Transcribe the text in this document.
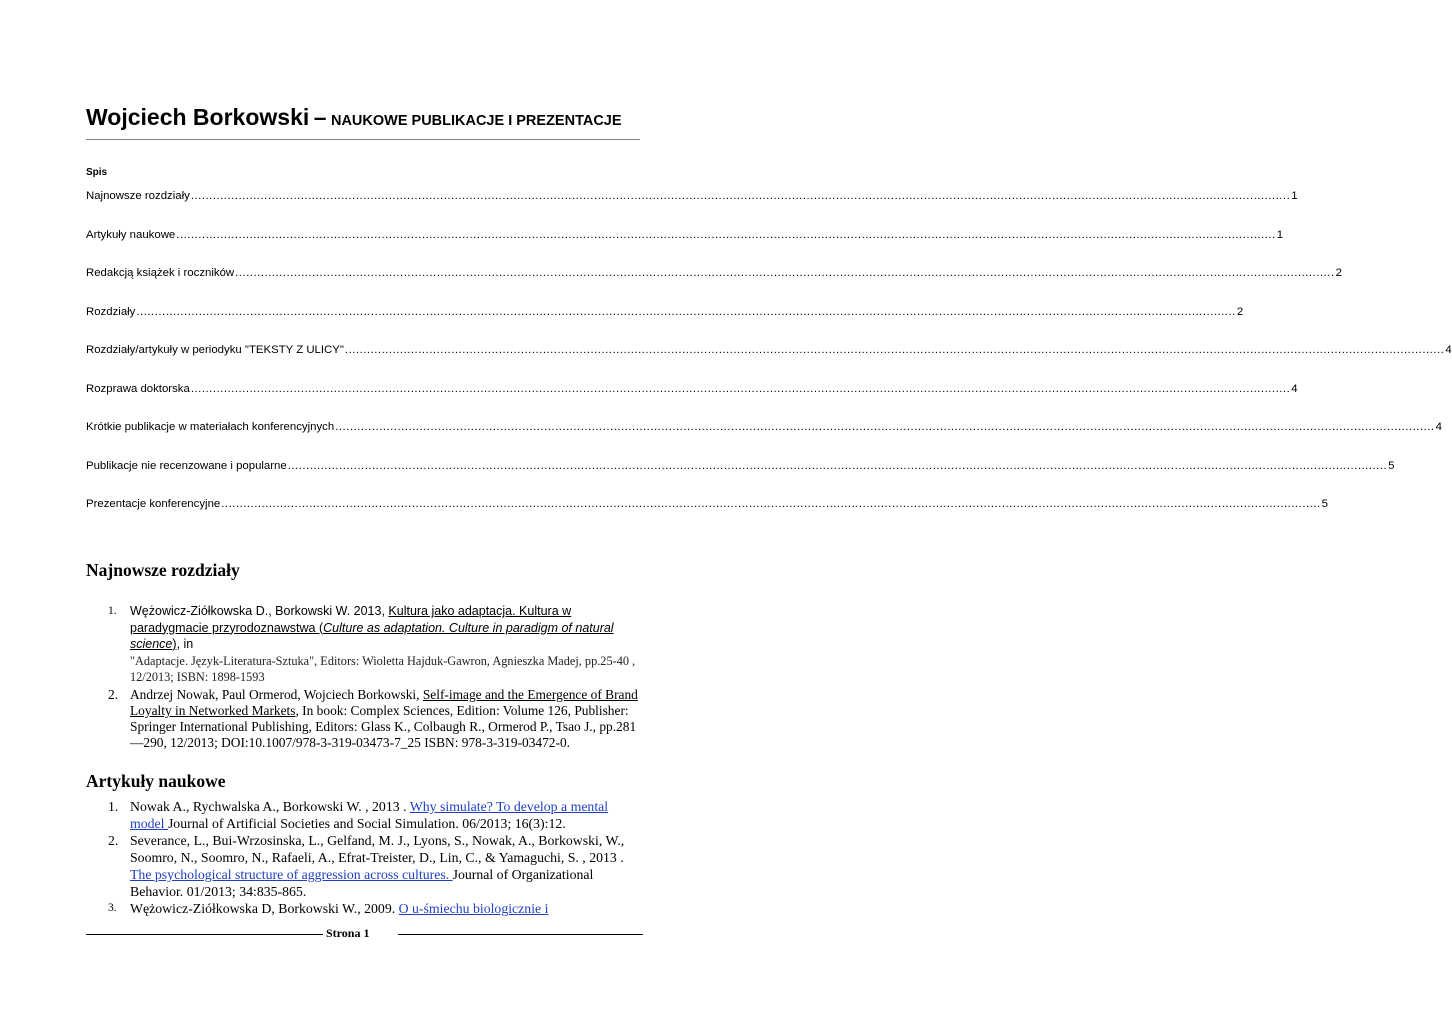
Wojciech Borkowski – NAUKOWE PUBLIKACJE I PREZENTACJE
Spis
Najnowsze rozdziały ............................................................................................................................................................................................................................................................................................................ 1
Artykuły naukowe ............................................................................................................................................................................................................................................................................................................ 1
Redakcją książek i roczników ............................................................................................................................................................................................................................................................................................................ 2
Rozdziały ............................................................................................................................................................................................................................................................................................................ 2
Rozdziały/artykuły w periodyku "TEKSTY Z ULICY" ............................................................................................................................................................................................................................................................................................................ 4
Rozprawa doktorska ............................................................................................................................................................................................................................................................................................................ 4
Krótkie publikacje w materiałach konferencyjnych ............................................................................................................................................................................................................................................................................................................ 4
Publikacje nie recenzowane i popularne ............................................................................................................................................................................................................................................................................................................ 5
Prezentacje konferencyjne ............................................................................................................................................................................................................................................................................................................ 5
Najnowsze rozdziały
1. Wężowicz-Ziółkowska D., Borkowski W. 2013, Kultura jako adaptacja. Kultura w paradygmacie przyrodoznawstwa (Culture as adaptation. Culture in paradigm of natural science), in
"Adaptacje. Język-Literatura-Sztuka", Editors: Wioletta Hajduk-Gawron, Agnieszka Madej, pp.25-40 , 12/2013; ISBN: 1898-1593
2. Andrzej Nowak, Paul Ormerod, Wojciech Borkowski, Self-image and the Emergence of Brand Loyalty in Networked Markets, In book: Complex Sciences, Edition: Volume 126, Publisher: Springer International Publishing, Editors: Glass K., Colbaugh R., Ormerod P., Tsao J., pp.281—290, 12/2013; DOI:10.1007/978-3-319-03473-7_25 ISBN: 978-3-319-03472-0.
Artykuły naukowe
1. Nowak A., Rychwalska A., Borkowski W. , 2013 . Why simulate? To develop a mental model Journal of Artificial Societies and Social Simulation. 06/2013; 16(3):12.
2. Severance, L., Bui-Wrzosinska, L., Gelfand, M. J., Lyons, S., Nowak, A., Borkowski, W., Soomro, N., Soomro, N., Rafaeli, A., Efrat-Treister, D., Lin, C., & Yamaguchi, S. , 2013 . The psychological structure of aggression across cultures. Journal of Organizational Behavior. 01/2013; 34:835-865.
3. Wężowicz-Ziółkowska D, Borkowski W., 2009. O u-śmiechu biologicznie i
Strona 1
